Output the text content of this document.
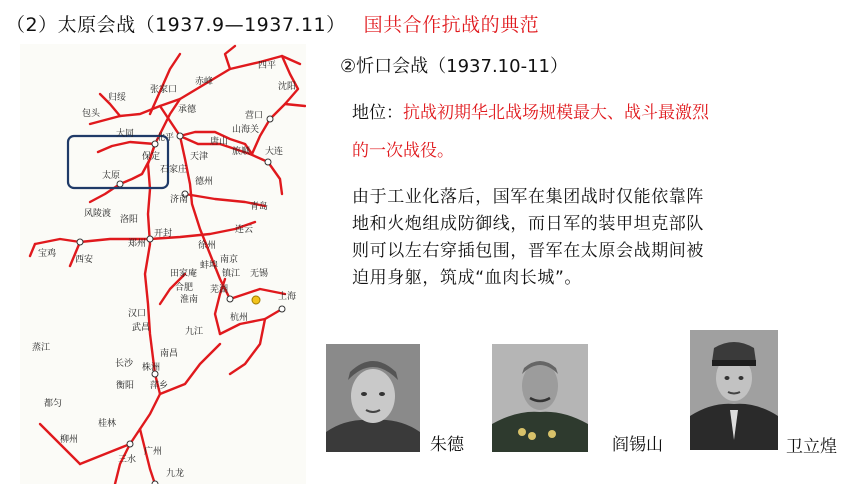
（2）太原会战（1937.9—1937.11） 国共合作抗战的典范
包头
归绥
张家口
承德
赤峰
四平
沈阳
营口
山海关
唐山
旅顺 大连
大同 北平
天津
保定
石家庄
德州
太原
济南
青岛
连云
风陵渡
洛阳
开封
郑州	徐州
宝鸡
西安
蚌埠
南京
镇江
田家庵
合肥 芜湖
淮南
无锡
上海
汉口
武昌	九江
杭州
蒸江
南昌
长沙 株洲
衡阳 萍乡
都匀
桂林
柳州
广州
三水
九龙
②忻口会战（1937.10-11）
地位：抗战初期华北战场规模最大、战斗最激烈
的一次战役。
由于工业化落后，国军在集团战时仅能依靠阵
地和火炮组成防御线，而日军的装甲坦克部队
则可以左右穿插包围，晋军在太原会战期间被
迫用身躯，筑成“血肉长城”。
朱德	阎锡山	卫立煌
